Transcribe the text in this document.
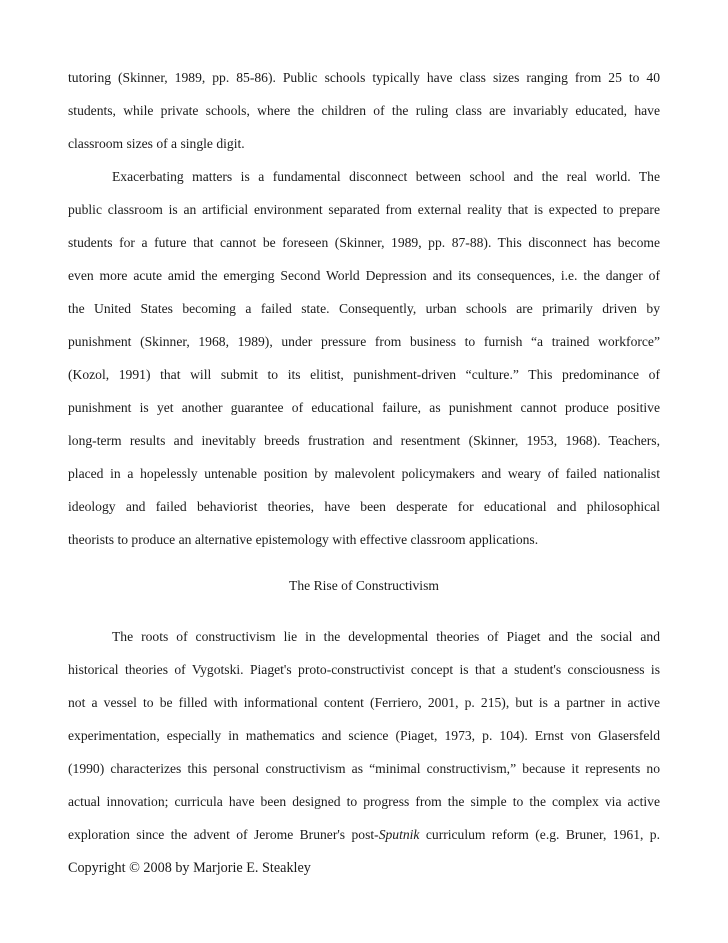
tutoring (Skinner, 1989, pp. 85-86). Public schools typically have class sizes ranging from 25 to 40
students, while private schools, where the children of the ruling class are invariably educated, have
classroom sizes of a single digit.
Exacerbating matters is a fundamental disconnect between school and the real world. The
public classroom is an artificial environment separated from external reality that is expected to prepare
students for a future that cannot be foreseen (Skinner, 1989, pp. 87-88). This disconnect has become
even more acute amid the emerging Second World Depression and its consequences, i.e. the danger of
the United States becoming a failed state. Consequently, urban schools are primarily driven by
punishment (Skinner, 1968, 1989), under pressure from business to furnish “a trained workforce”
(Kozol, 1991) that will submit to its elitist, punishment-driven “culture.” This predominance of
punishment is yet another guarantee of educational failure, as punishment cannot produce positive
long-term results and inevitably breeds frustration and resentment (Skinner, 1953, 1968). Teachers,
placed in a hopelessly untenable position by malevolent policymakers and weary of failed nationalist
ideology and failed behaviorist theories, have been desperate for educational and philosophical
theorists to produce an alternative epistemology with effective classroom applications.
The Rise of Constructivism
The roots of constructivism lie in the developmental theories of Piaget and the social and
historical theories of Vygotski. Piaget's proto-constructivist concept is that a student's consciousness is
not a vessel to be filled with informational content (Ferriero, 2001, p. 215), but is a partner in active
experimentation, especially in mathematics and science (Piaget, 1973, p. 104). Ernst von Glasersfeld
(1990) characterizes this personal constructivism as “minimal constructivism,” because it represents no
actual innovation; curricula have been designed to progress from the simple to the complex via active
exploration since the advent of Jerome Bruner's post-Sputnik curriculum reform (e.g. Bruner, 1961, p.
Copyright © 2008 by Marjorie E. Steakley
